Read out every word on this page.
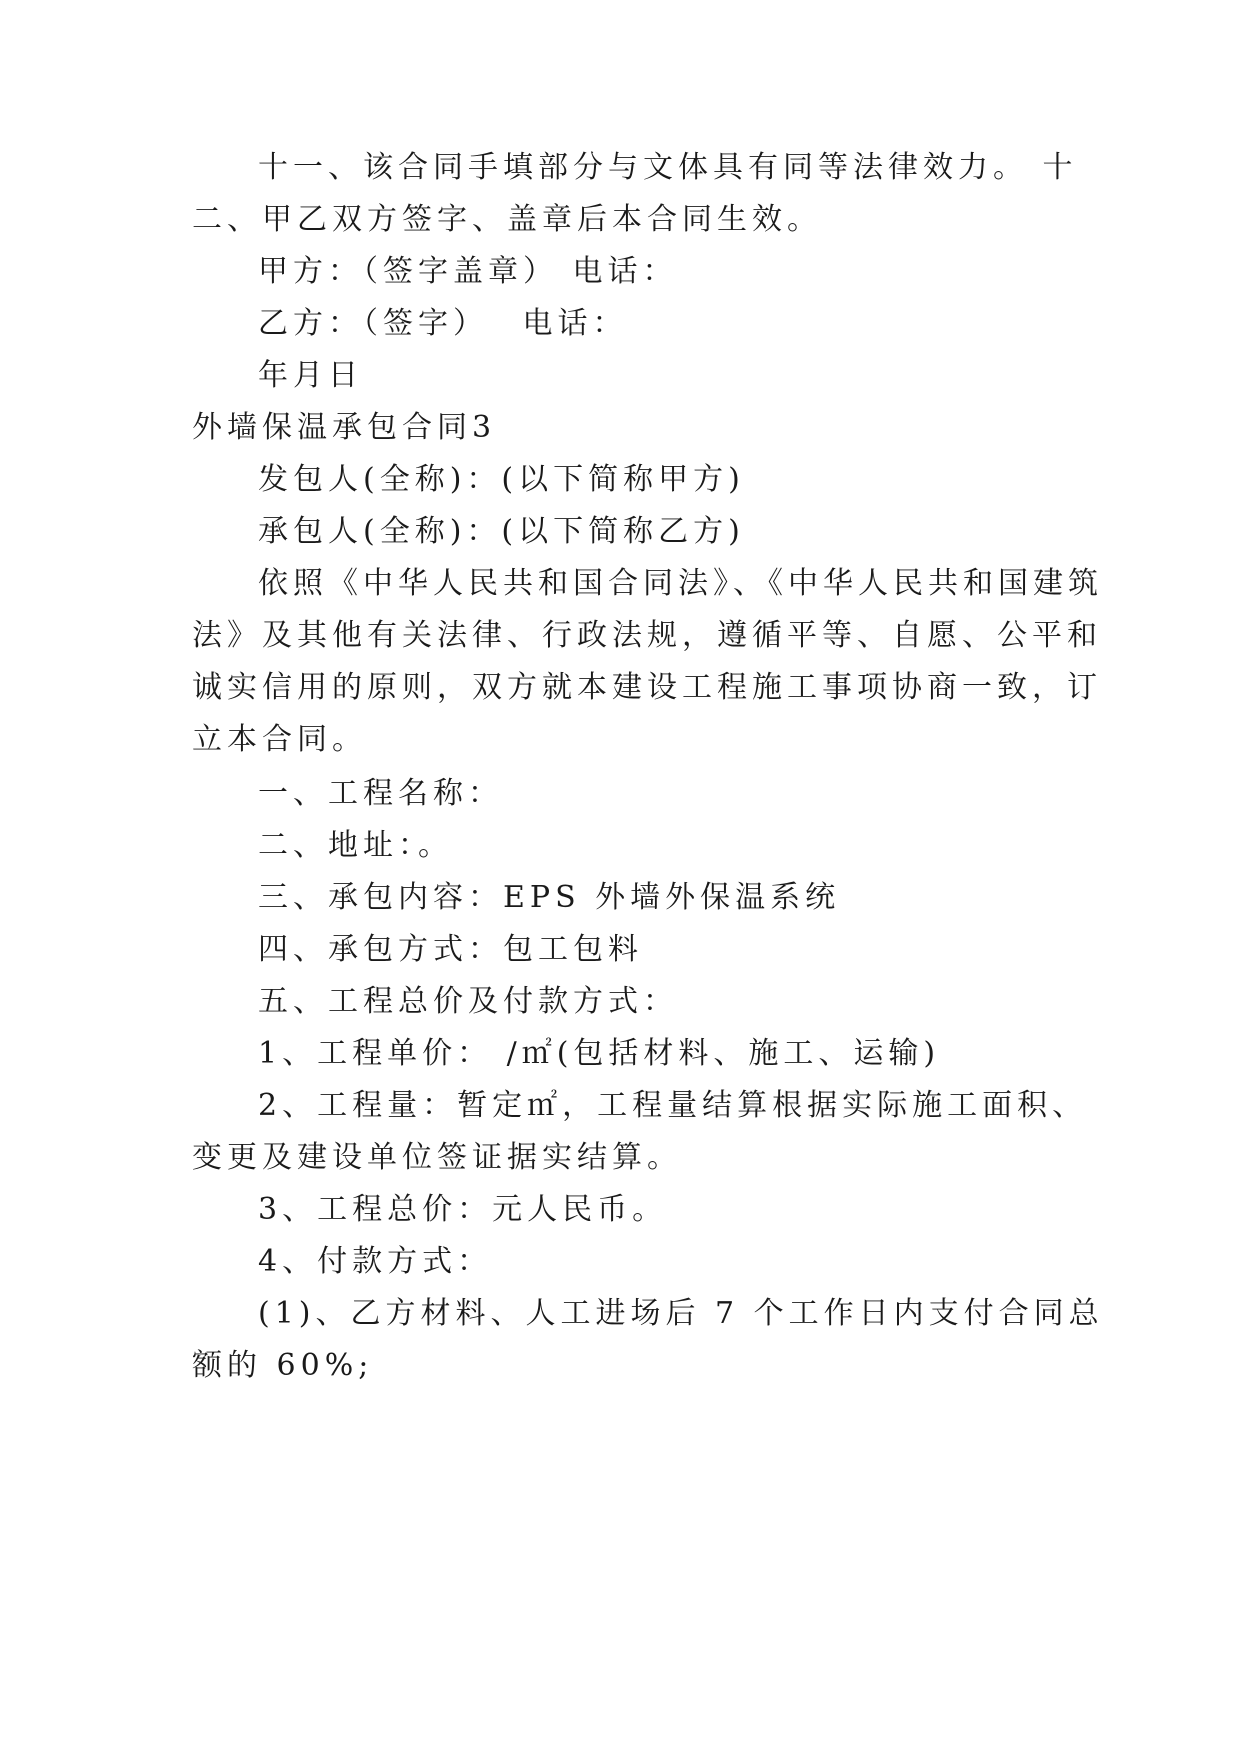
十一、该合同手填部分与文体具有同等法律效力。 十
二、甲乙双方签字、盖章后本合同生效。
甲方：（签字盖章） 电话：
乙方：（签字）　 电话：
年月日
外墙保温承包合同3
发包人(全称)：(以下简称甲方)
承包人(全称)：(以下简称乙方)
依照《中华人民共和国合同法》、《中华人民共和国建筑
法》及其他有关法律、行政法规，遵循平等、自愿、公平和
诚实信用的原则，双方就本建设工程施工事项协商一致，订
立本合同。
一、工程名称：
二、地址：。
三、承包内容：EPS 外墙外保温系统
四、承包方式：包工包料
五、工程总价及付款方式：
1、工程单价： /㎡(包括材料、施工、运输)
2、工程量：暂定㎡，工程量结算根据实际施工面积、
变更及建设单位签证据实结算。
3、工程总价：元人民币。
4、付款方式：
(1)、乙方材料、人工进场后 7 个工作日内支付合同总
额的 60%;
